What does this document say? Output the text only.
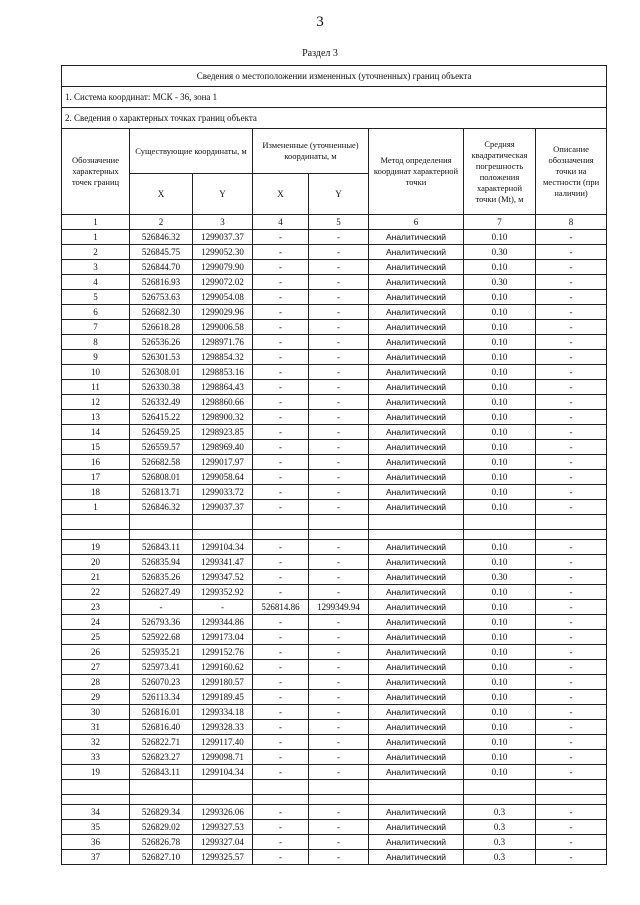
3
Раздел 3
Сведения о местоположении измененных (уточненных) границ объекта							
1. Система координат: МСК - 36, зона 1							
2. Сведения о характерных точках границ объекта							
Обозначение характерных точек границ	Существующие координаты, м		Измененные (уточненные) координаты, м		Метод определения координат характерной точки	Средняя квадратическая погрешность положения характерной точки (Mt), м	Описание обозначения точки на местности (при наличии)
	X	Y	X	Y			
1	2	3	4	5	6	7	8
1	526846.32	1299037.37	-	-	Аналитический	0.10	-
2	526845.75	1299052.30	-	-	Аналитический	0.30	-
3	526844.70	1299079.90	-	-	Аналитический	0.10	-
4	526816.93	1299072.02	-	-	Аналитический	0.30	-
5	526753.63	1299054.08	-	-	Аналитический	0.10	-
6	526682.30	1299029.96	-	-	Аналитический	0.10	-
7	526618.28	1299006.58	-	-	Аналитический	0.10	-
8	526536.26	1298971.76	-	-	Аналитический	0.10	-
9	526301.53	1298854.32	-	-	Аналитический	0.10	-
10	526308.01	1298853.16	-	-	Аналитический	0.10	-
11	526330.38	1298864.43	-	-	Аналитический	0.10	-
12	526332.49	1298860.66	-	-	Аналитический	0.10	-
13	526415.22	1298900.32	-	-	Аналитический	0.10	-
14	526459.25	1298923.85	-	-	Аналитический	0.10	-
15	526559.57	1298969.40	-	-	Аналитический	0.10	-
16	526682.58	1299017.97	-	-	Аналитический	0.10	-
17	526808.01	1299058.64	-	-	Аналитический	0.10	-
18	526813.71	1299033.72	-	-	Аналитический	0.10	-
1	526846.32	1299037.37	-	-	Аналитический	0.10	-

19	526843.11	1299104.34	-	-	Аналитический	0.10	-
20	526835.94	1299341.47	-	-	Аналитический	0.10	-
21	526835.26	1299347.52	-	-	Аналитический	0.30	-
22	526827.49	1299352.92	-	-	Аналитический	0.10	-
23	-	-	526814.86	1299349.94	Аналитический	0.10	-
24	526793.36	1299344.86	-	-	Аналитический	0.10	-
25	525922.68	1299173.04	-	-	Аналитический	0.10	-
26	525935.21	1299152.76	-	-	Аналитический	0.10	-
27	525973.41	1299160.62	-	-	Аналитический	0.10	-
28	526070.23	1299180.57	-	-	Аналитический	0.10	-
29	526113.34	1299189.45	-	-	Аналитический	0.10	-
30	526816.01	1299334.18	-	-	Аналитический	0.10	-
31	526816.40	1299328.33	-	-	Аналитический	0.10	-
32	526822.71	1299117.40	-	-	Аналитический	0.10	-
33	526823.27	1299098.71	-	-	Аналитический	0.10	-
19	526843.11	1299104.34	-	-	Аналитический	0.10	-

34	526829.34	1299326.06	-	-	Аналитический	0.3	-
35	526829.02	1299327.53	-	-	Аналитический	0.3	-
36	526826.78	1299327.04	-	-	Аналитический	0.3	-
37	526827.10	1299325.57	-	-	Аналитический	0.3	-
